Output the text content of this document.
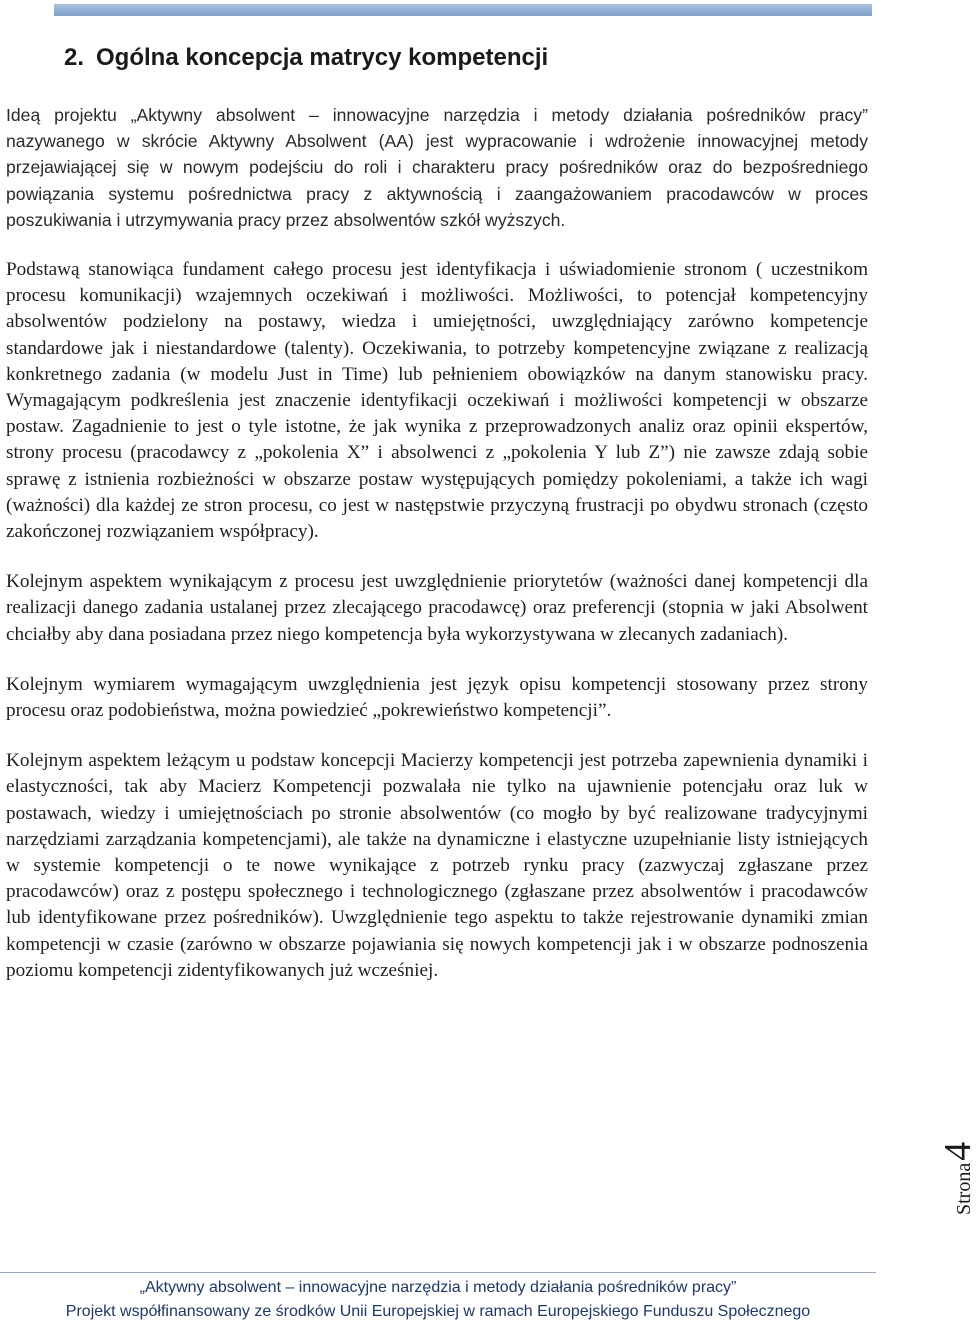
2. Ogólna koncepcja matrycy kompetencji

Ideą projektu „Aktywny absolwent – innowacyjne narzędzia i metody działania pośredników pracy” nazywanego w skrócie Aktywny Absolwent (AA) jest wypracowanie i wdrożenie innowacyjnej metody przejawiającej się w nowym podejściu do roli i charakteru pracy pośredników oraz do bezpośredniego powiązania systemu pośrednictwa pracy z aktywnością i zaangażowaniem pracodawców w proces poszukiwania i utrzymywania pracy przez absolwentów szkół wyższych.

Podstawą stanowiąca fundament całego procesu jest identyfikacja i uświadomienie stronom ( uczestnikom procesu komunikacji) wzajemnych oczekiwań i możliwości. Możliwości, to potencjał kompetencyjny absolwentów podzielony na postawy, wiedza i umiejętności, uwzględniający zarówno kompetencje standardowe jak i niestandardowe (talenty). Oczekiwania, to potrzeby kompetencyjne związane z realizacją konkretnego zadania (w modelu Just in Time) lub pełnieniem obowiązków na danym stanowisku pracy. Wymagającym podkreślenia jest znaczenie identyfikacji oczekiwań i możliwości kompetencji w obszarze postaw. Zagadnienie to jest o tyle istotne, że jak wynika z przeprowadzonych analiz oraz opinii ekspertów, strony procesu (pracodawcy z „pokolenia X” i absolwenci z „pokolenia Y lub Z”) nie zawsze zdają sobie sprawę z istnienia rozbieżności w obszarze postaw występujących pomiędzy pokoleniami, a także ich wagi (ważności) dla każdej ze stron procesu, co jest w następstwie przyczyną frustracji po obydwu stronach (często zakończonej rozwiązaniem współpracy).

Kolejnym aspektem wynikającym z procesu jest uwzględnienie priorytetów (ważności danej kompetencji dla realizacji danego zadania ustalanej przez zlecającego pracodawcę) oraz preferencji (stopnia w jaki Absolwent chciałby aby dana posiadana przez niego kompetencja była wykorzystywana w zlecanych zadaniach).

Kolejnym wymiarem wymagającym uwzględnienia jest język opisu kompetencji stosowany przez strony procesu oraz podobieństwa, można powiedzieć „pokrewieństwo kompetencji”.

Kolejnym aspektem leżącym u podstaw koncepcji Macierzy kompetencji jest potrzeba zapewnienia dynamiki i elastyczności, tak aby Macierz Kompetencji pozwalała nie tylko na ujawnienie potencjału oraz luk w postawach, wiedzy i umiejętnościach po stronie absolwentów (co mogło by być realizowane tradycyjnymi narzędziami zarządzania kompetencjami), ale także na dynamiczne i elastyczne uzupełnianie listy istniejących w systemie kompetencji o te nowe wynikające z potrzeb rynku pracy (zazwyczaj zgłaszane przez pracodawców) oraz z postępu społecznego i technologicznego (zgłaszane przez absolwentów i pracodawców lub identyfikowane przez pośredników). Uwzględnienie tego aspektu to także rejestrowanie dynamiki zmian kompetencji w czasie (zarówno w obszarze pojawiania się nowych kompetencji jak i w obszarze podnoszenia poziomu kompetencji zidentyfikowanych już wcześniej.

Strona4
„Aktywny absolwent – innowacyjne narzędzia i metody działania pośredników pracy”
Projekt współfinansowany ze środków Unii Europejskiej w ramach Europejskiego Funduszu Społecznego
